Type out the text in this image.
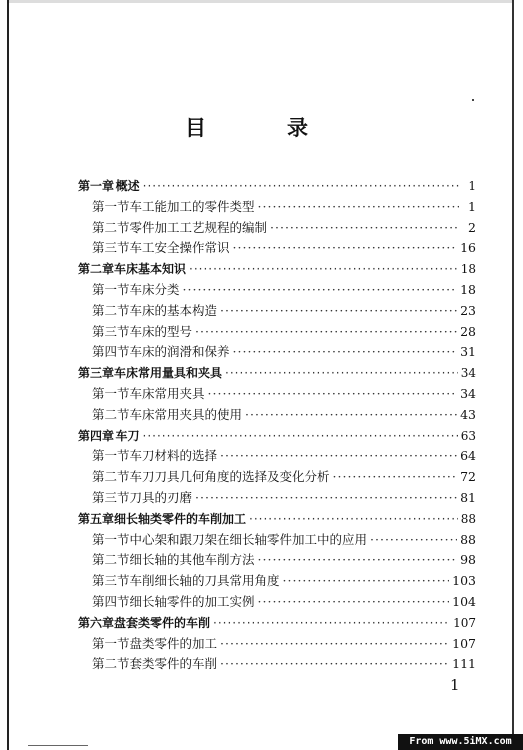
目　录
第一章 概述 ·····	1
第一节 车工能加工的零件类型 ·····	1
第二节 零件加工工艺规程的编制 ·····	2
第三节 车工安全操作常识 ·····	16
第二章 车床基本知识 ·····	18
第一节 车床分类 ·····	18
第二节 车床的基本构造 ·····	23
第三节 车床的型号 ·····	28
第四节 车床的润滑和保养 ·····	31
第三章 车床常用量具和夹具 ·····	34
第一节 车床常用夹具 ·····	34
第二节 车床常用夹具的使用 ·····	43
第四章 车刀 ·····	63
第一节 车刀材料的选择 ·····	64
第二节 车刀刀具几何角度的选择及变化分析 ·····	72
第三节 刀具的刃磨 ·····	81
第五章 细长轴类零件的车削加工 ·····	88
第一节 中心架和跟刀架在细长轴零件加工中的应用 ·····	88
第二节 细长轴的其他车削方法 ·····	98
第三节 车削细长轴的刀具常用角度 ·····	103
第四节 细长轴零件的加工实例 ·····	104
第六章 盘套类零件的车削 ·····	107
第一节 盘类零件的加工 ·····	107
第二节 套类零件的车削 ·····	111
1
From www.5iMX.com
